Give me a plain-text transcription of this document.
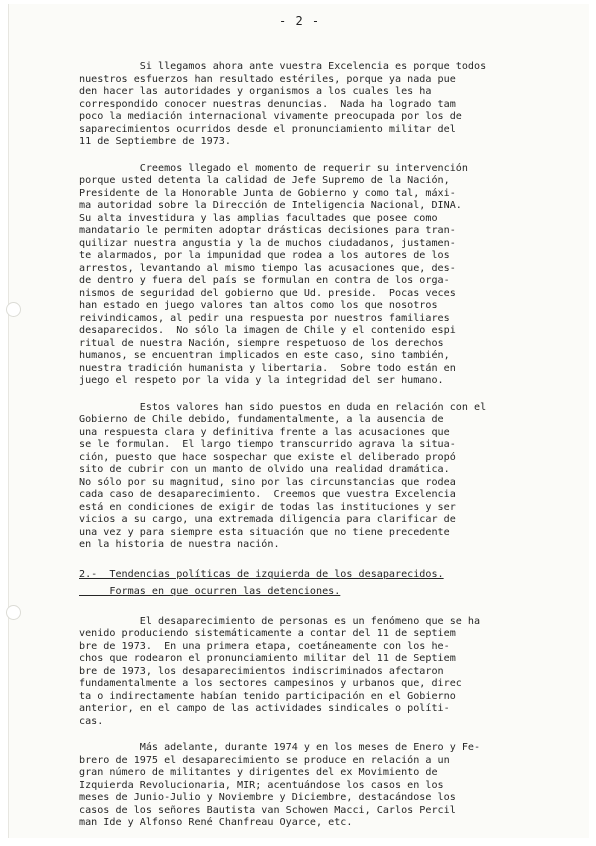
- 2 -
Si llegamos ahora ante vuestra Excelencia es porque todos
nuestros esfuerzos han resultado estériles, porque ya nada pue
den hacer las autoridades y organismos a los cuales les ha
correspondido conocer nuestras denuncias.  Nada ha logrado tam
poco la mediación internacional vivamente preocupada por los de
saparecimientos ocurridos desde el pronunciamiento militar del
11 de Septiembre de 1973.
Creemos llegado el momento de requerir su intervención
porque usted detenta la calidad de Jefe Supremo de la Nación,
Presidente de la Honorable Junta de Gobierno y como tal, máxi-
ma autoridad sobre la Dirección de Inteligencia Nacional, DINA.
Su alta investidura y las amplias facultades que posee como
mandatario le permiten adoptar drásticas decisiones para tran-
quilizar nuestra angustia y la de muchos ciudadanos, justamen-
te alarmados, por la impunidad que rodea a los autores de los
arrestos, levantando al mismo tiempo las acusaciones que, des-
de dentro y fuera del país se formulan en contra de los orga-
nismos de seguridad del gobierno que Ud. preside.  Pocas veces
han estado en juego valores tan altos como los que nosotros
reivindicamos, al pedir una respuesta por nuestros familiares
desaparecidos.  No sólo la imagen de Chile y el contenido espi
ritual de nuestra Nación, siempre respetuoso de los derechos
humanos, se encuentran implicados en este caso, sino también,
nuestra tradición humanista y libertaria.  Sobre todo están en
juego el respeto por la vida y la integridad del ser humano.
Estos valores han sido puestos en duda en relación con el
Gobierno de Chile debido, fundamentalmente, a la ausencia de
una respuesta clara y definitiva frente a las acusaciones que
se le formulan.  El largo tiempo transcurrido agrava la situa-
ción, puesto que hace sospechar que existe el deliberado propó
sito de cubrir con un manto de olvido una realidad dramática.
No sólo por su magnitud, sino por las circunstancias que rodea
cada caso de desaparecimiento.  Creemos que vuestra Excelencia
está en condiciones de exigir de todas las instituciones y ser
vicios a su cargo, una extremada diligencia para clarificar de
una vez y para siempre esta situación que no tiene precedente
en la historia de nuestra nación.
2.-  Tendencias políticas de izquierda de los desaparecidos.
Formas en que ocurren las detenciones.
El desaparecimiento de personas es un fenómeno que se ha
venido produciendo sistemáticamente a contar del 11 de septiem
bre de 1973.  En una primera etapa, coetáneamente con los he-
chos que rodearon el pronunciamiento militar del 11 de Septiem
bre de 1973, los desaparecimientos indiscriminados afectaron
fundamentalmente a los sectores campesinos y urbanos que, direc
ta o indirectamente habían tenido participación en el Gobierno
anterior, en el campo de las actividades sindicales o políti-
cas.
Más adelante, durante 1974 y en los meses de Enero y Fe-
brero de 1975 el desaparecimiento se produce en relación a un
gran número de militantes y dirigentes del ex Movimiento de
Izquierda Revolucionaria, MIR; acentuándose los casos en los
meses de Junio-Julio y Noviembre y Diciembre, destacándose los
casos de los señores Bautista van Schowen Macci, Carlos Percil
man Ide y Alfonso René Chanfreau Oyarce, etc.
